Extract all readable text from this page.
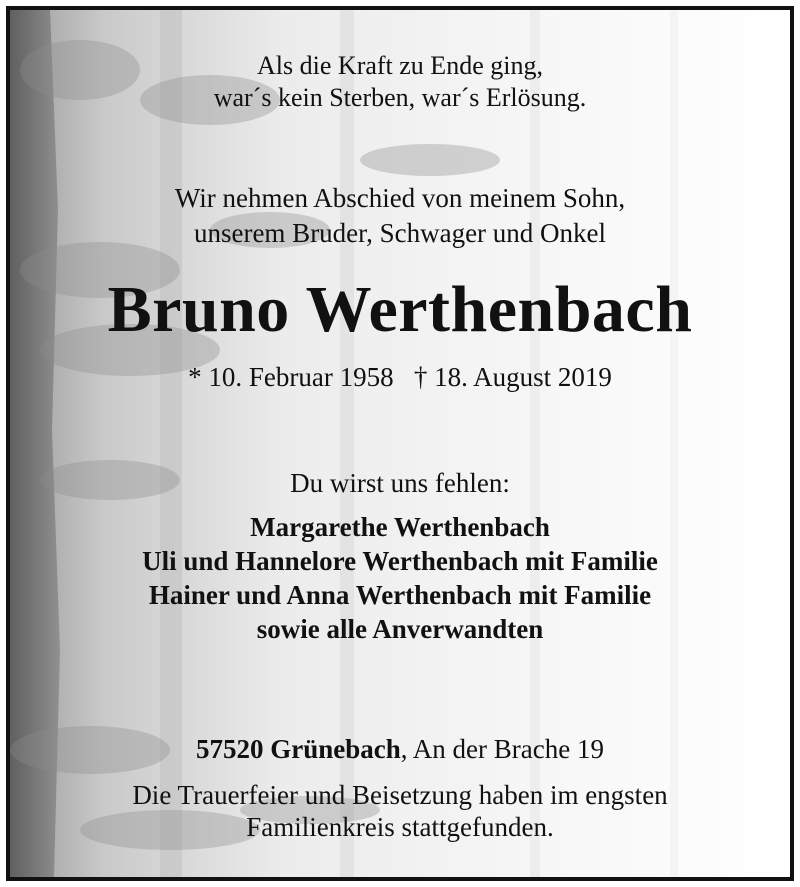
Als die Kraft zu Ende ging,
war´s kein Sterben, war´s Erlösung.
Wir nehmen Abschied von meinem Sohn,
unserem Bruder, Schwager und Onkel
Bruno Werthenbach
* 10. Februar 1958 † 18. August 2019
Du wirst uns fehlen:
Margarethe Werthenbach
Uli und Hannelore Werthenbach mit Familie
Hainer und Anna Werthenbach mit Familie
sowie alle Anverwandten
57520 Grünebach, An der Brache 19
Die Trauerfeier und Beisetzung haben im engsten
Familienkreis stattgefunden.
